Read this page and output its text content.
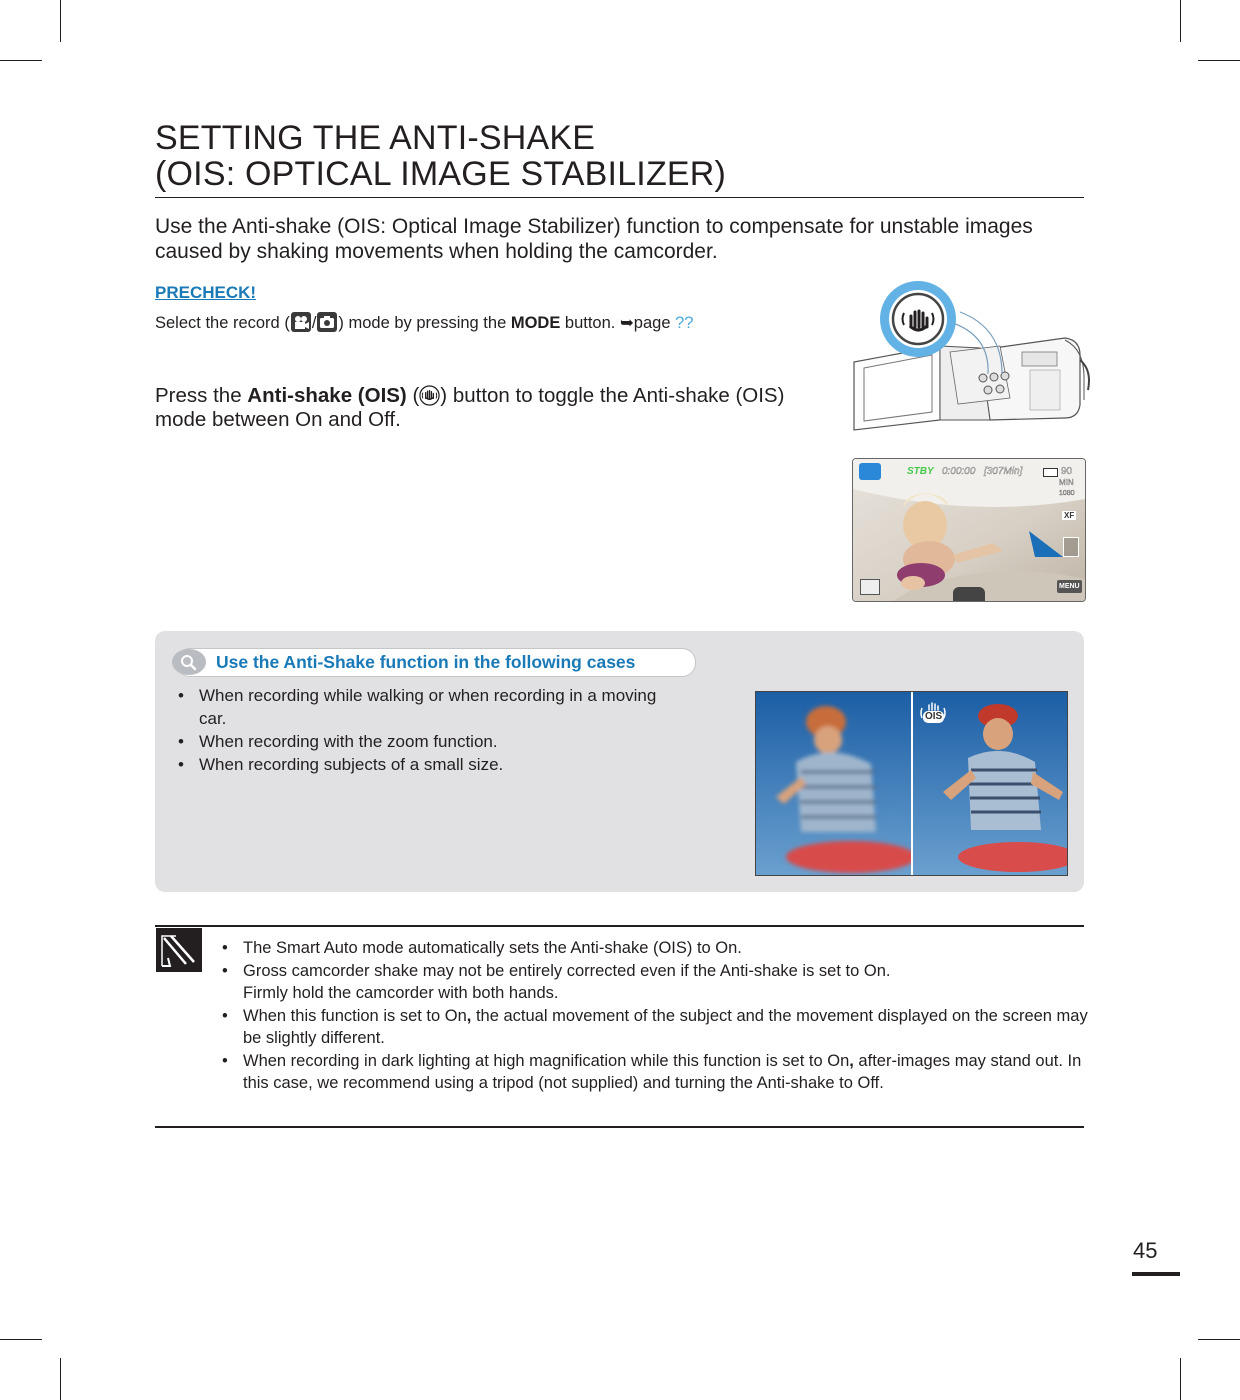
SETTING THE ANTI-SHAKE
(OIS: OPTICAL IMAGE STABILIZER)

Use the Anti-shake (OIS: Optical Image Stabilizer) function to compensate for unstable images caused by shaking movements when holding the camcorder.

PRECHECK!
Select the record ( / ) mode by pressing the MODE button. ➥page ??

Press the Anti-shake (OIS) ( ) button to toggle the Anti-shake (OIS) mode between On and Off.

STBY 0:00:00 [307Min]	90
MIN
1080
XF
MENU
Use the Anti-Shake function in the following cases
• When recording while walking or when recording in a moving car.
• When recording with the zoom function.
• When recording subjects of a small size.
OIS
• The Smart Auto mode automatically sets the Anti-shake (OIS) to On.
• Gross camcorder shake may not be entirely corrected even if the Anti-shake is set to On.
Firmly hold the camcorder with both hands.
• When this function is set to On, the actual movement of the subject and the movement displayed on the screen may be slightly different.
• When recording in dark lighting at high magnification while this function is set to On, after-images may stand out. In this case, we recommend using a tripod (not supplied) and turning the Anti-shake to Off.
45
